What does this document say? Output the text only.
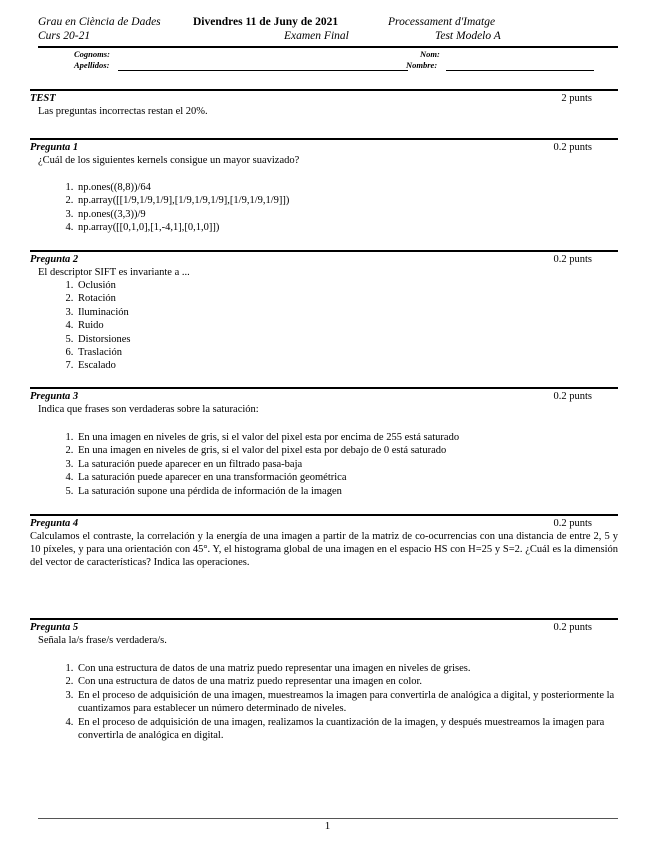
Grau en Ciència de Dades	Divendres 11 de Juny de 2021	Processament d'Imatge
Curs 20-21	Examen Final	Test Modelo A
Cognoms:
Apellidos:
Nom:
Nombre:
TEST	2 punts
Las preguntas incorrectas restan el 20%.
Pregunta 1	0.2 punts
¿Cuál de los siguientes kernels consigue un mayor suavizado?
1. np.ones((8,8))/64
2. np.array([[1/9,1/9,1/9],[1/9,1/9,1/9],[1/9,1/9,1/9]])
3. np.ones((3,3))/9
4. np.array([[0,1,0],[1,-4,1],[0,1,0]])
Pregunta 2	0.2 punts
El descriptor SIFT es invariante a ...
1. Oclusión
2. Rotación
3. Iluminación
4. Ruido
5. Distorsiones
6. Traslación
7. Escalado
Pregunta 3	0.2 punts
Indica que frases son verdaderas sobre la saturación:
1. En una imagen en niveles de gris, si el valor del pixel esta por encima de 255 está saturado
2. En una imagen en niveles de gris, si el valor del pixel esta por debajo de 0 está saturado
3. La saturación puede aparecer en un filtrado pasa-baja
4. La saturación puede aparecer en una transformación geométrica
5. La saturación supone una pérdida de información de la imagen
Pregunta 4	0.2 punts
Calculamos el contraste, la correlación y la energía de una imagen a partir de la matriz de co-ocurrencias con una distancia de entre 2, 5 y 10 píxeles, y para una orientación con 45°. Y, el histograma global de una imagen en el espacio HS con H=25 y S=2. ¿Cuál es la dimensión del vector de características? Indica las operaciones.
Pregunta 5	0.2 punts
Señala la/s frase/s verdadera/s.
1. Con una estructura de datos de una matriz puedo representar una imagen en niveles de grises.
2. Con una estructura de datos de una matriz puedo representar una imagen en color.
3. En el proceso de adquisición de una imagen, muestreamos la imagen para convertirla de analógica a digital, y posteriormente la cuantizamos para establecer un número determinado de niveles.
4. En el proceso de adquisición de una imagen, realizamos la cuantización de la imagen, y después muestreamos la imagen para convertirla de analógica en digital.
1
